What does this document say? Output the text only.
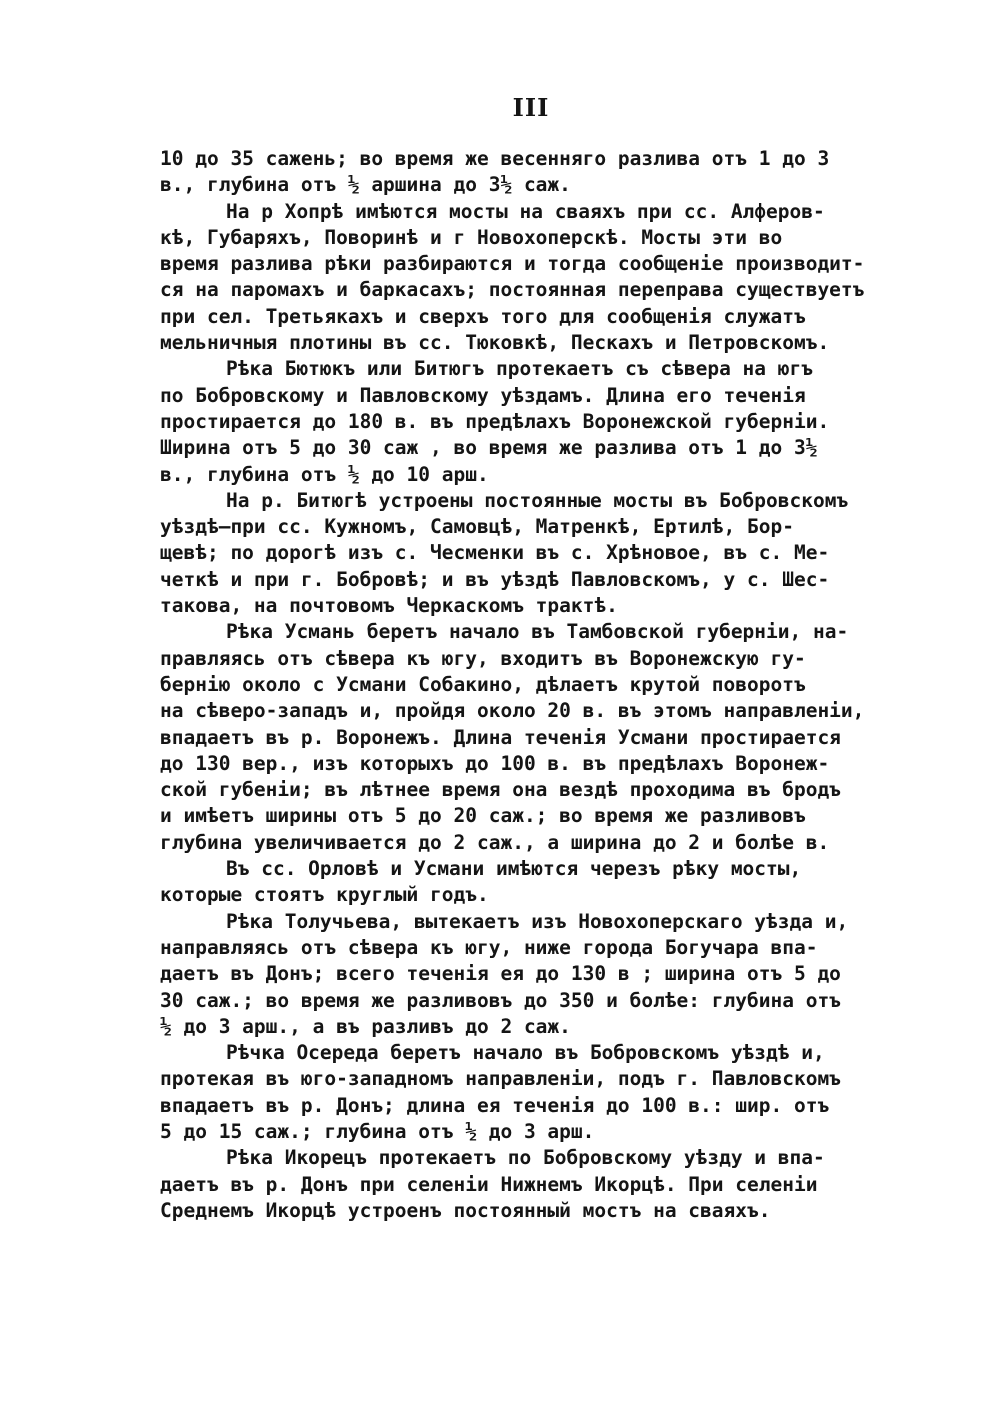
III
10 до 35 сажень; во время же весенняго разлива отъ 1 до 3
в., глубина отъ ½ аршина до 3½ саж.
На р Хопрѣ имѣются мосты на сваяхъ при сс. Алферов-
кѣ, Губаряхъ, Поворинѣ и г Новохоперскѣ. Мосты эти во
время разлива рѣки разбираются и тогда сообщеніе производит-
ся на паромахъ и баркасахъ; постоянная переправа существуетъ
при сел. Третьякахъ и сверхъ того для сообщенія служатъ
мельничныя плотины въ сс. Тюковкѣ, Пескахъ и Петровскомъ.
Рѣка Бютюкъ или Битюгъ протекаетъ съ сѣвера на югъ
по Бобровскому и Павловскому уѣздамъ. Длина его теченія
простирается до 180 в. въ предѣлахъ Воронежской губерніи.
Ширина отъ 5 до 30 саж , во время же разлива отъ 1 до 3½
в., глубина отъ ½ до 10 арш.
На р. Битюгѣ устроены постоянные мосты въ Бобровскомъ
уѣздѣ—при сс. Кужномъ, Самовцѣ, Матренкѣ, Ертилѣ, Бор-
щевѣ; по дорогѣ изъ с. Чесменки въ с. Хрѣновое, въ с. Ме-
четкѣ и при г. Бобровѣ; и въ уѣздѣ Павловскомъ, у с. Шес-
такова, на почтовомъ Черкаскомъ трактѣ.
Рѣка Усмань беретъ начало въ Тамбовской губерніи, на-
правляясь отъ сѣвера къ югу, входитъ въ Воронежскую гу-
бернію около с Усмани Собакино, дѣлаетъ крутой поворотъ
на сѣверо-западъ и, пройдя около 20 в. въ этомъ направленіи,
впадаетъ въ р. Воронежъ. Длина теченія Усмани простирается
до 130 вер., изъ которыхъ до 100 в. въ предѣлахъ Воронеж-
ской губеніи; въ лѣтнее время она вездѣ проходима въ бродъ
и имѣетъ ширины отъ 5 до 20 саж.; во время же разливовъ
глубина увеличивается до 2 саж., а ширина до 2 и болѣе в.
Въ сс. Орловѣ и Усмани имѣются черезъ рѣку мосты,
которые стоятъ круглый годъ.
Рѣка Толучьева, вытекаетъ изъ Новохоперскаго уѣзда и,
направляясь отъ сѣвера къ югу, ниже города Богучара впа-
даетъ въ Донъ; всего теченія ея до 130 в ; ширина отъ 5 до
30 саж.; во время же разливовъ до 350 и болѣе: глубина отъ
½ до 3 арш., а въ разливъ до 2 саж.
Рѣчка Осереда беретъ начало въ Бобровскомъ уѣздѣ и,
протекая въ юго-западномъ направленіи, подъ г. Павловскомъ
впадаетъ въ р. Донъ; длина ея теченія до 100 в.: шир. отъ
5 до 15 саж.; глубина отъ ½ до 3 арш.
Рѣка Икорецъ протекаетъ по Бобровскому уѣзду и впа-
даетъ въ р. Донъ при селеніи Нижнемъ Икорцѣ. При селеніи
Среднемъ Икорцѣ устроенъ постоянный мостъ на сваяхъ.
